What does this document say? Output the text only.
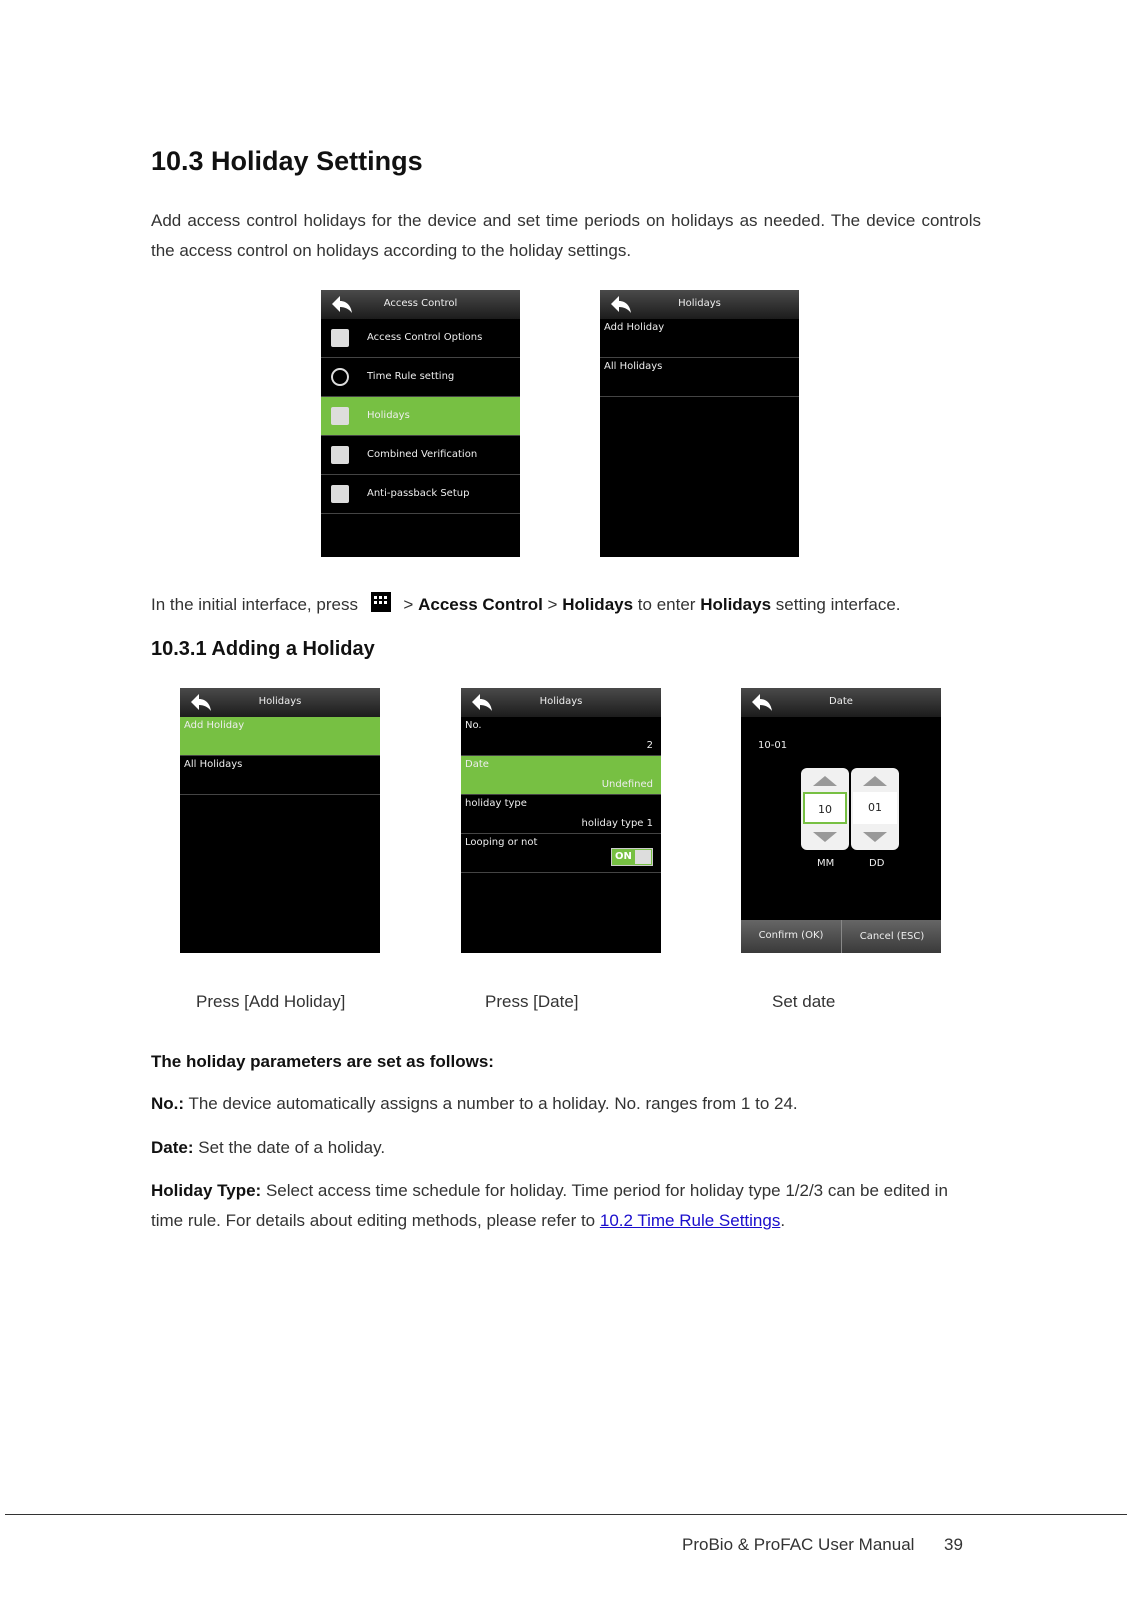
10.3 Holiday Settings
Add access control holidays for the device and set time periods on holidays as needed. The device controls the access control on holidays according to the holiday settings.
Access Control
Access Control Options
Time Rule setting
Holidays
Combined Verification
Anti-passback Setup
Holidays
Add Holiday
All Holidays
In the initial interface, press	> Access Control > Holidays to enter Holidays setting interface.
10.3.1 Adding a Holiday
Holidays
Add Holiday
All Holidays
Holidays
No.
2
Date
Undefined
holiday type
holiday type 1
Looping or not
ON
Date
10-01
10	01
MM	DD
Confirm (OK)	Cancel (ESC)
Press [Add Holiday]	Press [Date]	Set date
The holiday parameters are set as follows:
No.: The device automatically assigns a number to a holiday. No. ranges from 1 to 24.
Date: Set the date of a holiday.
Holiday Type: Select access time schedule for holiday. Time period for holiday type 1/2/3 can be edited in time rule. For details about editing methods, please refer to 10.2 Time Rule Settings.
ProBio & ProFAC User Manual 39
